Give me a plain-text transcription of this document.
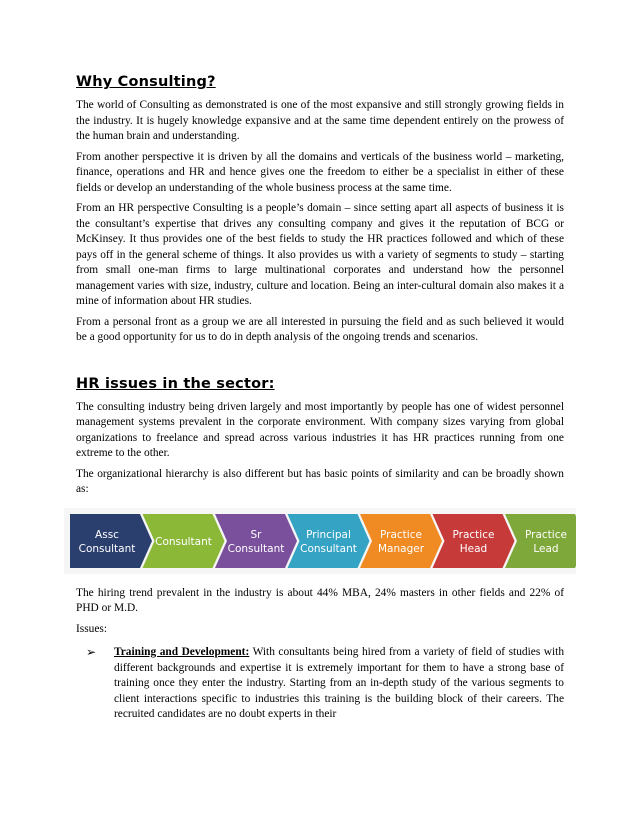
Why Consulting?

The world of Consulting as demonstrated is one of the most expansive and still strongly growing fields in the industry. It is hugely knowledge expansive and at the same time dependent entirely on the prowess of the human brain and understanding.

From another perspective it is driven by all the domains and verticals of the business world – marketing, finance, operations and HR and hence gives one the freedom to either be a specialist in either of these fields or develop an understanding of the whole business process at the same time.

From an HR perspective Consulting is a people’s domain – since setting apart all aspects of business it is the consultant’s expertise that drives any consulting company and gives it the reputation of BCG or McKinsey. It thus provides one of the best fields to study the HR practices followed and which of these pays off in the general scheme of things. It also provides us with a variety of segments to study – starting from small one-man firms to large multinational corporates and understand how the personnel management varies with size, industry, culture and location. Being an inter-cultural domain also makes it a mine of information about HR studies.

From a personal front as a group we are all interested in pursuing the field and as such believed it would be a good opportunity for us to do in depth analysis of the ongoing trends and scenarios.

HR issues in the sector:

The consulting industry being driven largely and most importantly by people has one of widest personnel management systems prevalent in the corporate environment. With company sizes varying from global organizations to freelance and spread across various industries it has HR practices running from one extreme to the other.

The organizational hierarchy is also different but has basic points of similarity and can be broadly shown as:

Assc
Consultant
Consultant
Sr
Consultant
Principal
Consultant
Practice
Manager
Practice
Head
Practice
Lead

The hiring trend prevalent in the industry is about 44% MBA, 24% masters in other fields and 22% of PHD or M.D.

Issues:

➢ Training and Development: With consultants being hired from a variety of field of studies with different backgrounds and expertise it is extremely important for them to have a strong base of training once they enter the industry. Starting from an in-depth study of the various segments to client interactions specific to industries this training is the building block of their careers. The recruited candidates are no doubt experts in their
